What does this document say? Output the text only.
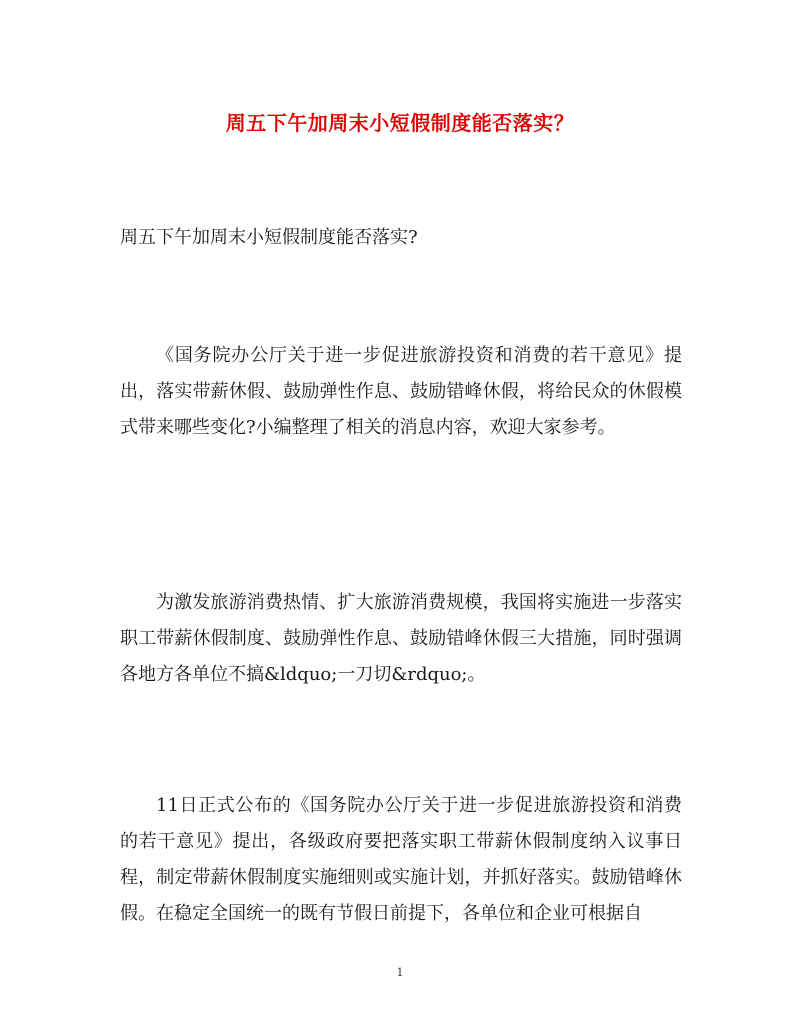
周五下午加周末小短假制度能否落实？

周五下午加周末小短假制度能否落实?

《国务院办公厅关于进一步促进旅游投资和消费的若干意见》提出，落实带薪休假、鼓励弹性作息、鼓励错峰休假，将给民众的休假模式带来哪些变化?小编整理了相关的消息内容，欢迎大家参考。

为激发旅游消费热情、扩大旅游消费规模，我国将实施进一步落实职工带薪休假制度、鼓励弹性作息、鼓励错峰休假三大措施，同时强调各地方各单位不搞&ldquo;一刀切&rdquo;。

11日正式公布的《国务院办公厅关于进一步促进旅游投资和消费的若干意见》提出，各级政府要把落实职工带薪休假制度纳入议事日程，制定带薪休假制度实施细则或实施计划，并抓好落实。鼓励错峰休假。在稳定全国统一的既有节假日前提下，各单位和企业可根据自

1
